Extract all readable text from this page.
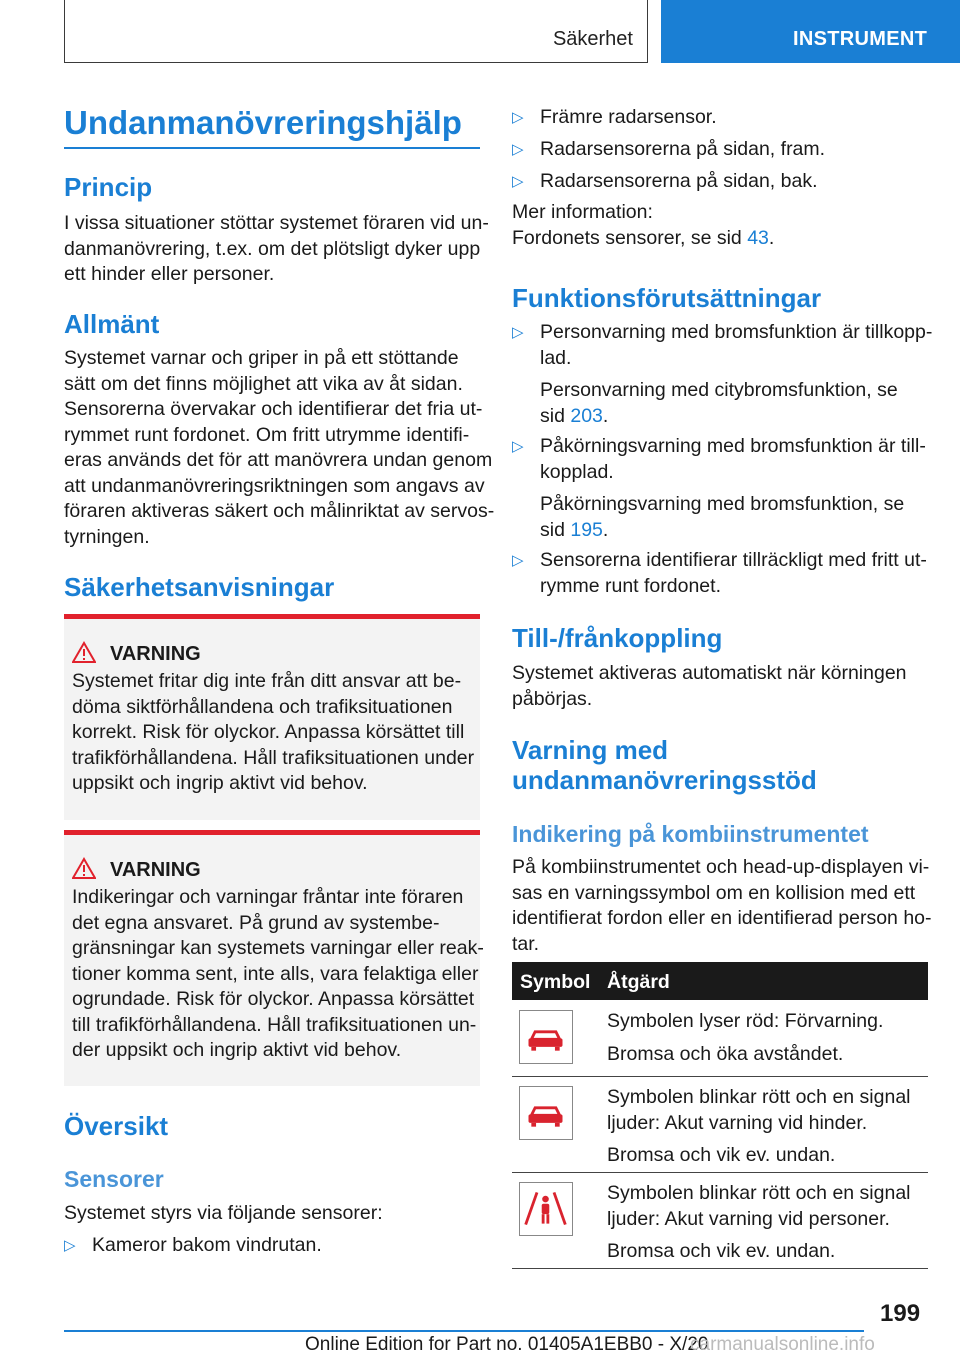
Säkerhet	INSTRUMENT
Undanmanövreringshjälp
Princip
I vissa situationer stöttar systemet föraren vid un-
danmanövrering, t.ex. om det plötsligt dyker upp
ett hinder eller personer.
Allmänt
Systemet varnar och griper in på ett stöttande
sätt om det finns möjlighet att vika av åt sidan.
Sensorerna övervakar och identifierar det fria ut-
rymmet runt fordonet. Om fritt utrymme identifi-
eras används det för att manövrera undan genom
att undanmanövreringsriktningen som angavs av
föraren aktiveras säkert och målinriktat av servos-
tyrningen.
Säkerhetsanvisningar
VARNING
Systemet fritar dig inte från ditt ansvar att be-
döma siktförhållandena och trafiksituationen
korrekt. Risk för olyckor. Anpassa körsättet till
trafikförhållandena. Håll trafiksituationen under
uppsikt och ingrip aktivt vid behov.
VARNING
Indikeringar och varningar fråntar inte föraren
det egna ansvaret. På grund av systembe-
gränsningar kan systemets varningar eller reak-
tioner komma sent, inte alls, vara felaktiga eller
ogrundade. Risk för olyckor. Anpassa körsättet
till trafikförhållandena. Håll trafiksituationen un-
der uppsikt och ingrip aktivt vid behov.
Översikt
Sensorer
Systemet styrs via följande sensorer:
▷ Kameror bakom vindrutan.
▷ Främre radarsensor.
▷ Radarsensorerna på sidan, fram.
▷ Radarsensorerna på sidan, bak.
Mer information:
Fordonets sensorer, se sid 43.
Funktionsförutsättningar
▷ Personvarning med bromsfunktion är tillkopp-
lad.
Personvarning med citybromsfunktion, se
sid 203.
▷ Påkörningsvarning med bromsfunktion är till-
kopplad.
Påkörningsvarning med bromsfunktion, se
sid 195.
▷ Sensorerna identifierar tillräckligt med fritt ut-
rymme runt fordonet.
Till-/frånkoppling
Systemet aktiveras automatiskt när körningen
påbörjas.
Varning med
undanmanövreringsstöd
Indikering på kombiinstrumentet
På kombiinstrumentet och head-up-displayen vi-
sas en varningssymbol om en kollision med ett
identifierat fordon eller en identifierad person ho-
tar.
Symbol Åtgärd
Symbolen lyser röd: Förvarning.
Bromsa och öka avståndet.
Symbolen blinkar rött och en signal
ljuder: Akut varning vid hinder.
Bromsa och vik ev. undan.
Symbolen blinkar rött och en signal
ljuder: Akut varning vid personer.
Bromsa och vik ev. undan.
199
Online Edition for Part no. 01405A1EBB0 - X/20
carmanualsonline.info
